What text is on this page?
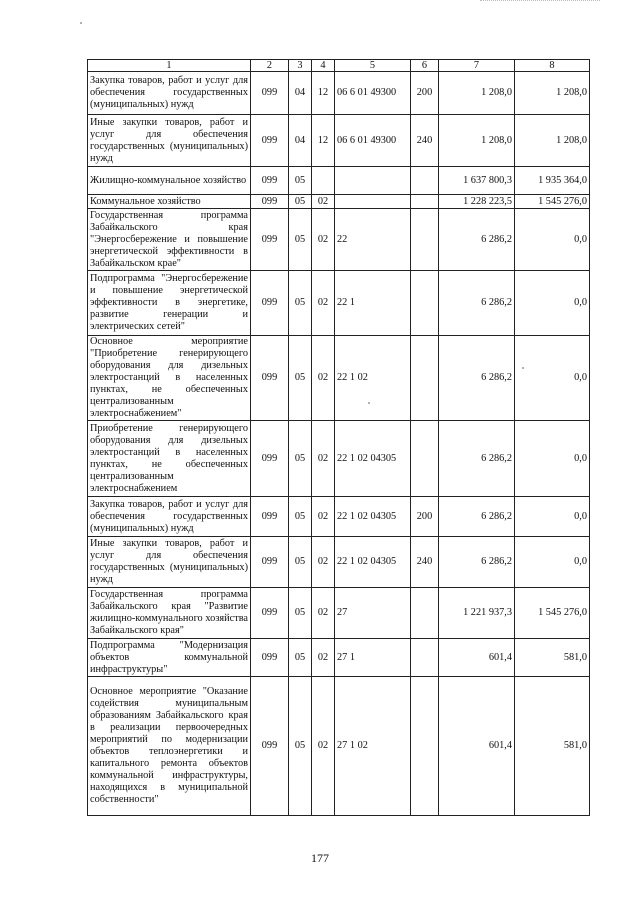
1	2	3	4	5	6	7	8
Закупка товаров, работ и услуг для обеспечения государственных (муниципальных) нужд	099	04	12	06 6 01 49300	200	1 208,0	1 208,0
Иные закупки товаров, работ и услуг для обеспечения государственных (муниципальных) нужд	099	04	12	06 6 01 49300	240	1 208,0	1 208,0
Жилищно-коммунальное хозяйство	099	05				1 637 800,3	1 935 364,0
Коммунальное хозяйство	099	05	02			1 228 223,5	1 545 276,0
Государственная программа Забайкальского края "Энергосбережение и повышение энергетической эффективности в Забайкальском крае"	099	05	02	22		6 286,2	0,0
Подпрограмма "Энергосбережение и повышение энергетической эффективности в энергетике, развитие генерации и электрических сетей"	099	05	02	22 1		6 286,2	0,0
Основное мероприятие "Приобретение генерирующего оборудования для дизельных электростанций в населенных пунктах, не обеспеченных централизованным электроснабжением"	099	05	02	22 1 02		6 286,2	0,0
Приобретение генерирующего оборудования для дизельных электростанций в населенных пунктах, не обеспеченных централизованным электроснабжением	099	05	02	22 1 02 04305		6 286,2	0,0
Закупка товаров, работ и услуг для обеспечения государственных (муниципальных) нужд	099	05	02	22 1 02 04305	200	6 286,2	0,0
Иные закупки товаров, работ и услуг для обеспечения государственных (муниципальных) нужд	099	05	02	22 1 02 04305	240	6 286,2	0,0
Государственная программа Забайкальского края "Развитие жилищно-коммунального хозяйства Забайкальского края"	099	05	02	27		1 221 937,3	1 545 276,0
Подпрограмма "Модернизация объектов коммунальной инфраструктуры"	099	05	02	27 1		601,4	581,0
Основное мероприятие "Оказание содействия муниципальным образованиям Забайкальского края в реализации первоочередных мероприятий по модернизации объектов теплоэнергетики и капитального ремонта объектов коммунальной инфраструктуры, находящихся в муниципальной собственности"	099	05	02	27 1 02		601,4	581,0
177
